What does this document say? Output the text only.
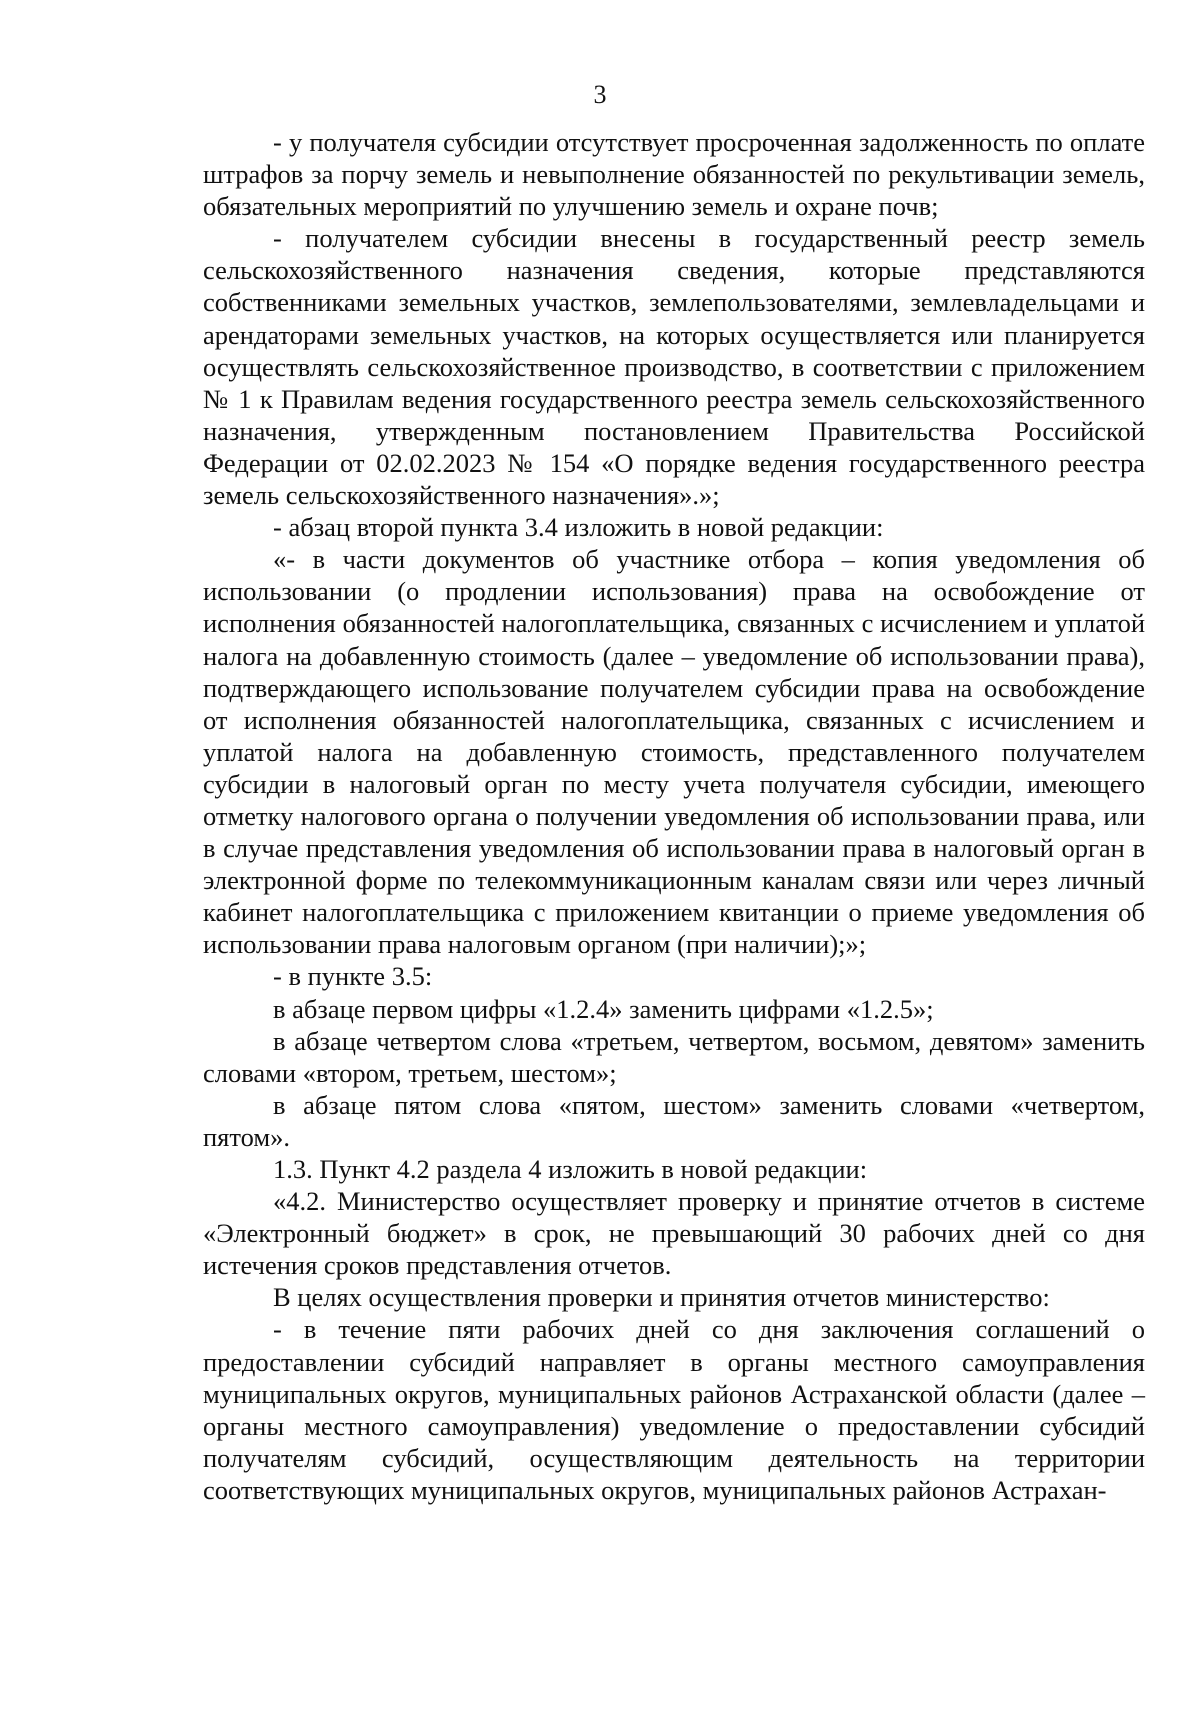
3

- у получателя субсидии отсутствует просроченная задолженность по оплате штрафов за порчу земель и невыполнение обязанностей по рекультивации земель, обязательных мероприятий по улучшению земель и охране почв;

- получателем субсидии внесены в государственный реестр земель сельскохозяйственного назначения сведения, которые представляются собственниками земельных участков, землепользователями, землевладельцами и арендаторами земельных участков, на которых осуществляется или планируется осуществлять сельскохозяйственное производство, в соответствии с приложением № 1 к Правилам ведения государственного реестра земель сельскохозяйственного назначения, утвержденным постановлением Правительства Российской Федерации от 02.02.2023 № 154 «О порядке ведения государственного реестра земель сельскохозяйственного назначения».»;

- абзац второй пункта 3.4 изложить в новой редакции:

«- в части документов об участнике отбора – копия уведомления об использовании (о продлении использования) права на освобождение от исполнения обязанностей налогоплательщика, связанных с исчислением и уплатой налога на добавленную стоимость (далее – уведомление об использовании права), подтверждающего использование получателем субсидии права на освобождение от исполнения обязанностей налогоплательщика, связанных с исчислением и уплатой налога на добавленную стоимость, представленного получателем субсидии в налоговый орган по месту учета получателя субсидии, имеющего отметку налогового органа о получении уведомления об использовании права, или в случае представления уведомления об использовании права в налоговый орган в электронной форме по телекоммуникационным каналам связи или через личный кабинет налогоплательщика с приложением квитанции о приеме уведомления об использовании права налоговым органом (при наличии);»;

- в пункте 3.5:

в абзаце первом цифры «1.2.4» заменить цифрами «1.2.5»;

в абзаце четвертом слова «третьем, четвертом, восьмом, девятом» заменить словами «втором, третьем, шестом»;

в абзаце пятом слова «пятом, шестом» заменить словами «четвертом, пятом».

1.3. Пункт 4.2 раздела 4 изложить в новой редакции:

«4.2. Министерство осуществляет проверку и принятие отчетов в системе «Электронный бюджет» в срок, не превышающий 30 рабочих дней со дня истечения сроков представления отчетов.

В целях осуществления проверки и принятия отчетов министерство:

- в течение пяти рабочих дней со дня заключения соглашений о предоставлении субсидий направляет в органы местного самоуправления муниципальных округов, муниципальных районов Астраханской области (далее – органы местного самоуправления) уведомление о предоставлении субсидий получателям субсидий, осуществляющим деятельность на территории соответствующих муниципальных округов, муниципальных районов Астрахан-
